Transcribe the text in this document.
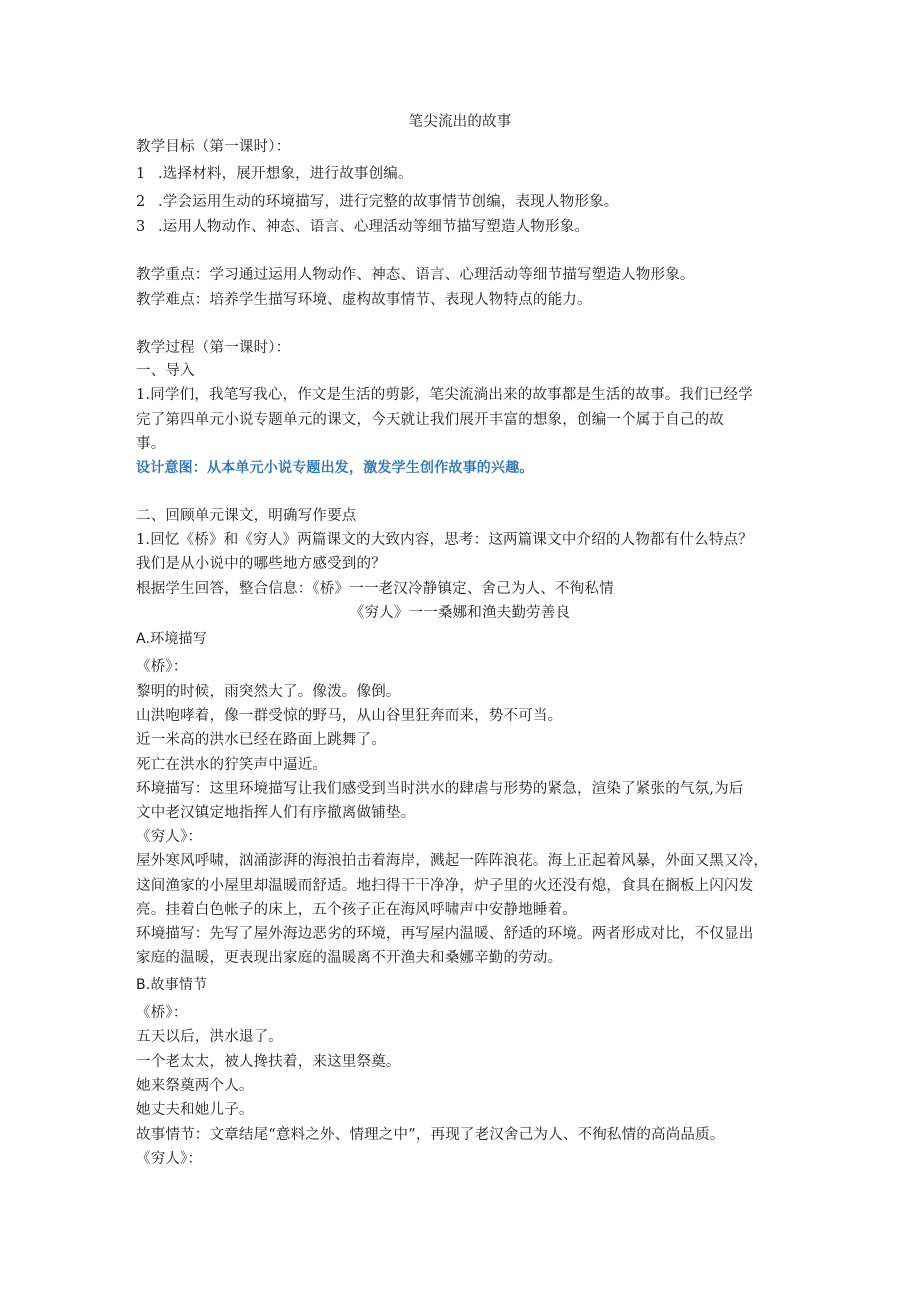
笔尖流出的故事
教学目标（第一课时）：
1 .选择材料，展开想象，进行故事创编。
2 .学会运用生动的环境描写，进行完整的故事情节创编，表现人物形象。
3 .运用人物动作、神态、语言、心理活动等细节描写塑造人物形象。
教学重点：学习通过运用人物动作、神态、语言、心理活动等细节描写塑造人物形象。
教学难点：培养学生描写环境、虚构故事情节、表现人物特点的能力。
教学过程（第一课时）：
一、导入
1.同学们，我笔写我心，作文是生活的剪影，笔尖流淌出来的故事都是生活的故事。我们已经学
完了第四单元小说专题单元的课文，今天就让我们展开丰富的想象，创编一个属于自己的故
事。
设计意图：从本单元小说专题出发，激发学生创作故事的兴趣。
二、回顾单元课文，明确写作要点
1.回忆《桥》和《穷人》两篇课文的大致内容，思考：这两篇课文中介绍的人物都有什么特点？
我们是从小说中的哪些地方感受到的？
根据学生回答，整合信息：《桥》一一老汉冷静镇定、舍己为人、不徇私情
《穷人》一一桑娜和渔夫勤劳善良
A.环境描写
《桥》：
黎明的时候，雨突然大了。像泼。像倒。
山洪咆哮着，像一群受惊的野马，从山谷里狂奔而来，势不可当。
近一米高的洪水已经在路面上跳舞了。
死亡在洪水的狞笑声中逼近。
环境描写：这里环境描写让我们感受到当时洪水的肆虐与形势的紧急，渲染了紧张的气氛,为后
文中老汉镇定地指挥人们有序撤离做铺垫。
《穷人》：
屋外寒风呼啸，汹涌澎湃的海浪拍击着海岸，溅起一阵阵浪花。海上正起着风暴，外面又黑又冷，
这间渔家的小屋里却温暖而舒适。地扫得干干净净，炉子里的火还没有熄，食具在搁板上闪闪发
亮。挂着白色帐子的床上，五个孩子正在海风呼啸声中安静地睡着。
环境描写：先写了屋外海边恶劣的环境，再写屋内温暖、舒适的环境。两者形成对比，不仅显出
家庭的温暖，更表现出家庭的温暖离不开渔夫和桑娜辛勤的劳动。
B.故事情节
《桥》：
五天以后，洪水退了。
一个老太太，被人搀扶着，来这里祭奠。
她来祭奠两个人。
她丈夫和她儿子。
故事情节：文章结尾“意料之外、情理之中”，再现了老汉舍己为人、不徇私情的高尚品质。
《穷人》：
